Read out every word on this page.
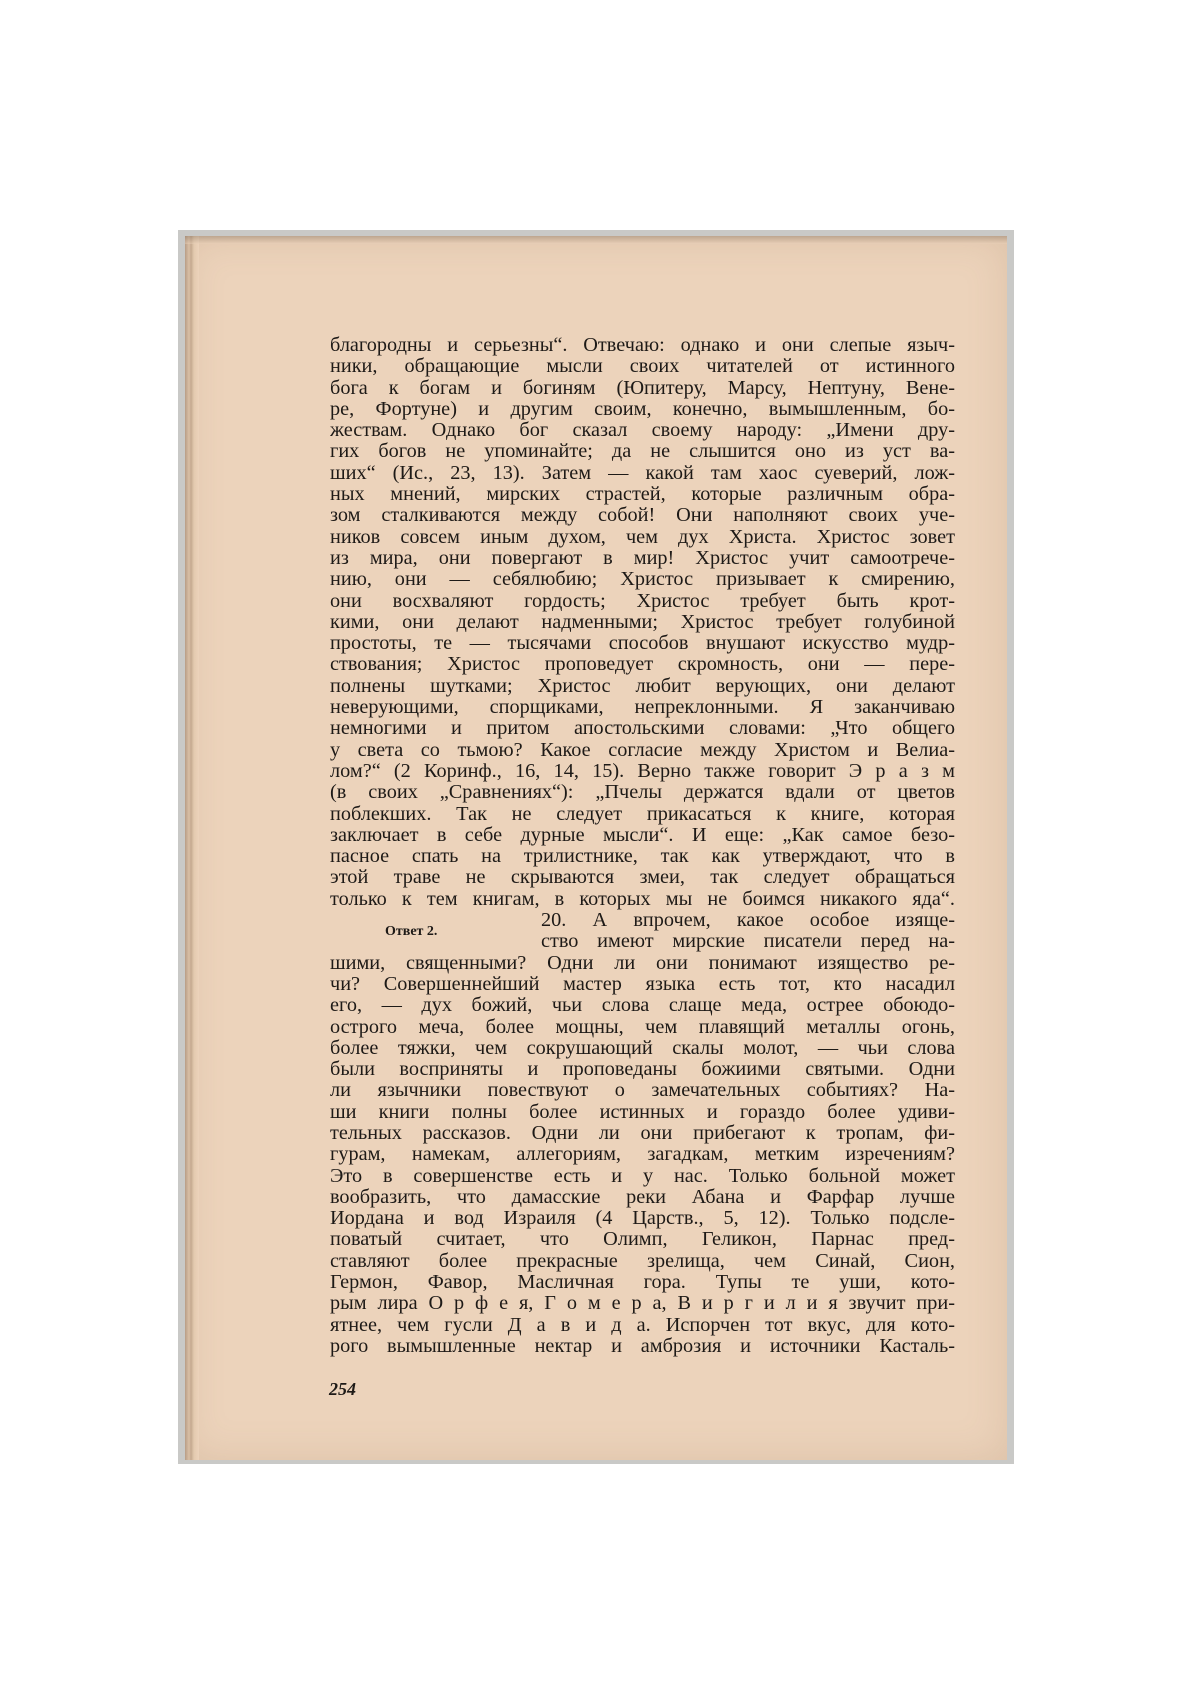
благородны и серьезны“. Отвечаю: однако и они слепые языч-
ники, обращающие мысли своих читателей от истинного
бога к богам и богиням (Юпитеру, Марсу, Нептуну, Вене-
ре, Фортуне) и другим своим, конечно, вымышленным, бо-
жествам. Однако бог сказал своему народу: „Имени дру-
гих богов не упоминайте; да не слышится оно из уст ва-
ших“ (Ис., 23, 13). Затем — какой там хаос суеверий, лож-
ных мнений, мирских страстей, которые различным обра-
зом сталкиваются между собой! Они наполняют своих уче-
ников совсем иным духом, чем дух Христа. Христос зовет
из мира, они повергают в мир! Христос учит самоотрече-
нию, они — себялюбию; Христос призывает к смирению,
они восхваляют гордость; Христос требует быть крот-
кими, они делают надменными; Христос требует голубиной
простоты, те — тысячами способов внушают искусство мудр-
ствования; Христос проповедует скромность, они — пере-
полнены шутками; Христос любит верующих, они делают
неверующими, спорщиками, непреклонными. Я заканчиваю
немногими и притом апостольскими словами: „Что общего
у света со тьмою? Какое согласие между Христом и Велиа-
лом?“ (2 Коринф., 16, 14, 15). Верно также говорит Э р а з м
(в своих „Сравнениях“): „Пчелы держатся вдали от цветов
поблекших. Так не следует прикасаться к книге, которая
заключает в себе дурные мысли“. И еще: „Как самое безо-
пасное спать на трилистнике, так как утверждают, что в
этой траве не скрываются змеи, так следует обращаться
только к тем книгам, в которых мы не боимся никакого яда“.
20. А впрочем, какое особое изяще-
ство имеют мирские писатели перед на-
шими, священными? Одни ли они понимают изящество ре-
чи? Совершеннейший мастер языка есть тот, кто насадил
его, — дух божий, чьи слова слаще меда, острее обоюдо-
острого меча, более мощны, чем плавящий металлы огонь,
более тяжки, чем сокрушающий скалы молот, — чьи слова
были восприняты и проповеданы божиими святыми. Одни
ли язычники повествуют о замечательных событиях? На-
ши книги полны более истинных и гораздо более удиви-
тельных рассказов. Одни ли они прибегают к тропам, фи-
гурам, намекам, аллегориям, загадкам, метким изречениям?
Это в совершенстве есть и у нас. Только больной может
вообразить, что дамасские реки Абана и Фарфар лучше
Иордана и вод Израиля (4 Царств., 5, 12). Только подсле-
поватый считает, что Олимп, Геликон, Парнас пред-
ставляют более прекрасные зрелища, чем Синай, Сион,
Гермон, Фавор, Масличная гора. Тупы те уши, кото-
рым лира О р ф е я, Г о м е р а, В и р г и л и я звучит при-
ятнее, чем гусли Д а в и д а. Испорчен тот вкус, для кото-
рого вымышленные нектар и амброзия и источники Касталь-
Ответ 2.
254
